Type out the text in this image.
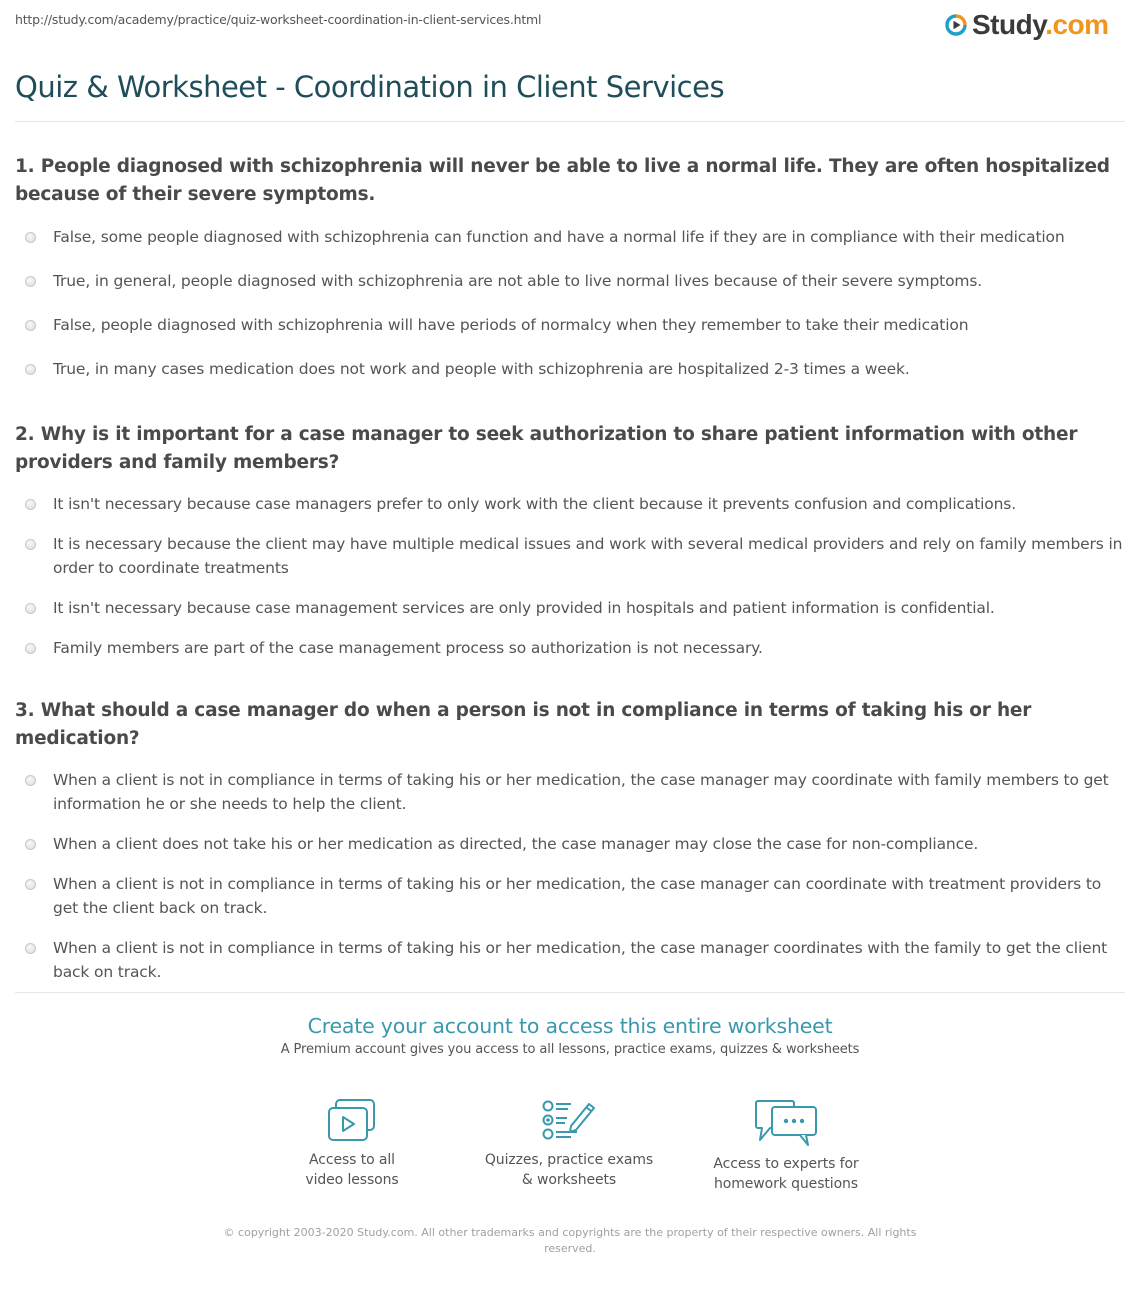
http://study.com/academy/practice/quiz-worksheet-coordination-in-client-services.html	Study.com
Quiz & Worksheet - Coordination in Client Services
1. People diagnosed with schizophrenia will never be able to live a normal life. They are often hospitalized because of their severe symptoms.
False, some people diagnosed with schizophrenia can function and have a normal life if they are in compliance with their medication
True, in general, people diagnosed with schizophrenia are not able to live normal lives because of their severe symptoms.
False, people diagnosed with schizophrenia will have periods of normalcy when they remember to take their medication
True, in many cases medication does not work and people with schizophrenia are hospitalized 2-3 times a week.
2. Why is it important for a case manager to seek authorization to share patient information with other providers and family members?
It isn't necessary because case managers prefer to only work with the client because it prevents confusion and complications.
It is necessary because the client may have multiple medical issues and work with several medical providers and rely on family members in order to coordinate treatments
It isn't necessary because case management services are only provided in hospitals and patient information is confidential.
Family members are part of the case management process so authorization is not necessary.
3. What should a case manager do when a person is not in compliance in terms of taking his or her medication?
When a client is not in compliance in terms of taking his or her medication, the case manager may coordinate with family members to get information he or she needs to help the client.
When a client does not take his or her medication as directed, the case manager may close the case for non-compliance.
When a client is not in compliance in terms of taking his or her medication, the case manager can coordinate with treatment providers to get the client back on track.
When a client is not in compliance in terms of taking his or her medication, the case manager coordinates with the family to get the client back on track.
Create your account to access this entire worksheet
A Premium account gives you access to all lessons, practice exams, quizzes & worksheets
Access to all
video lessons
Quizzes, practice exams
& worksheets
Access to experts for
homework questions
© copyright 2003-2020 Study.com. All other trademarks and copyrights are the property of their respective owners. All rights reserved.
